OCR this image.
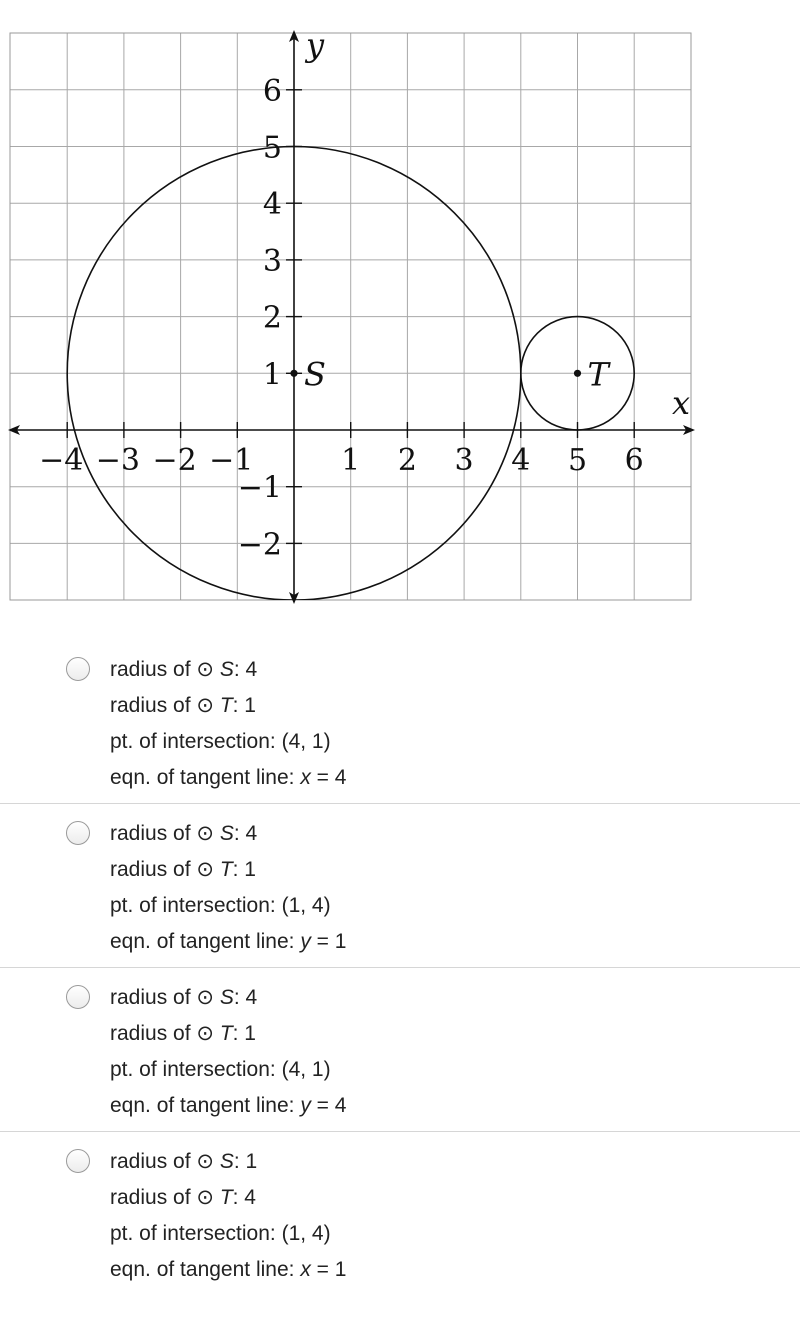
−4 −3 −2 −1	1 2 3 4 5 6
6
5
4
3
2
1
−1
−2
x
y
S	T
radius of ⊙ S: 4
radius of ⊙ T: 1
pt. of intersection: (4, 1)
eqn. of tangent line: x = 4
radius of ⊙ S: 4
radius of ⊙ T: 1
pt. of intersection: (1, 4)
eqn. of tangent line: y = 1
radius of ⊙ S: 4
radius of ⊙ T: 1
pt. of intersection: (4, 1)
eqn. of tangent line: y = 4
radius of ⊙ S: 1
radius of ⊙ T: 4
pt. of intersection: (1, 4)
eqn. of tangent line: x = 1
